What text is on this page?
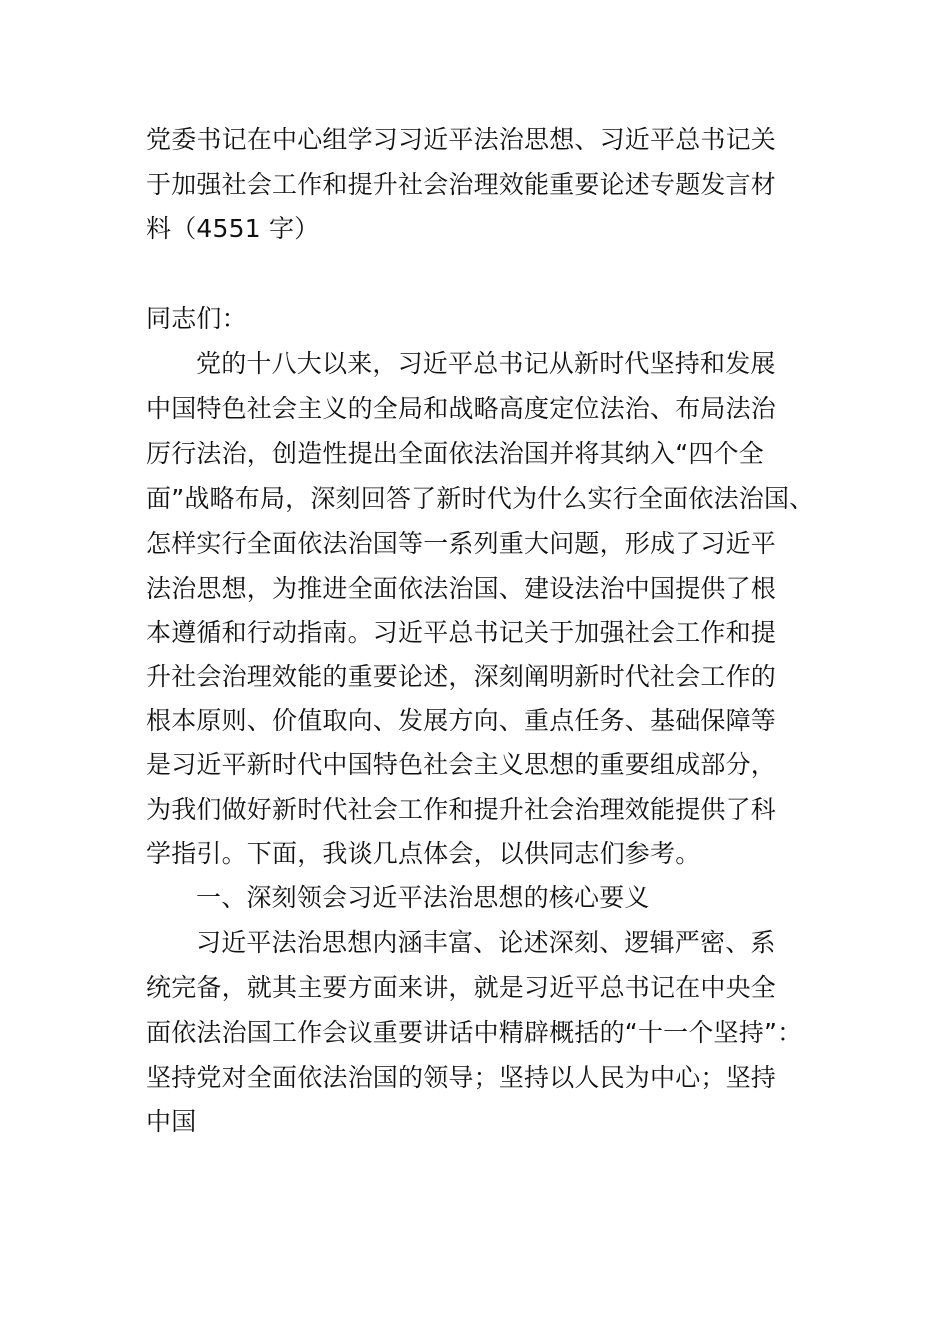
党委书记在中心组学习习近平法治思想、习近平总书记关
于加强社会工作和提升社会治理效能重要论述专题发言材
料（4551 字）
同志们：
党的十八大以来，习近平总书记从新时代坚持和发展
中国特色社会主义的全局和战略高度定位法治、布局法治
厉行法治，创造性提出全面依法治国并将其纳入“四个全
面”战略布局，深刻回答了新时代为什么实行全面依法治国、
怎样实行全面依法治国等一系列重大问题，形成了习近平
法治思想，为推进全面依法治国、建设法治中国提供了根
本遵循和行动指南。习近平总书记关于加强社会工作和提
升社会治理效能的重要论述，深刻阐明新时代社会工作的
根本原则、价值取向、发展方向、重点任务、基础保障等
是习近平新时代中国特色社会主义思想的重要组成部分，
为我们做好新时代社会工作和提升社会治理效能提供了科
学指引。下面，我谈几点体会，以供同志们参考。
一、深刻领会习近平法治思想的核心要义
习近平法治思想内涵丰富、论述深刻、逻辑严密、系
统完备，就其主要方面来讲，就是习近平总书记在中央全
面依法治国工作会议重要讲话中精辟概括的“十一个坚持”：
坚持党对全面依法治国的领导；坚持以人民为中心；坚持
中国
